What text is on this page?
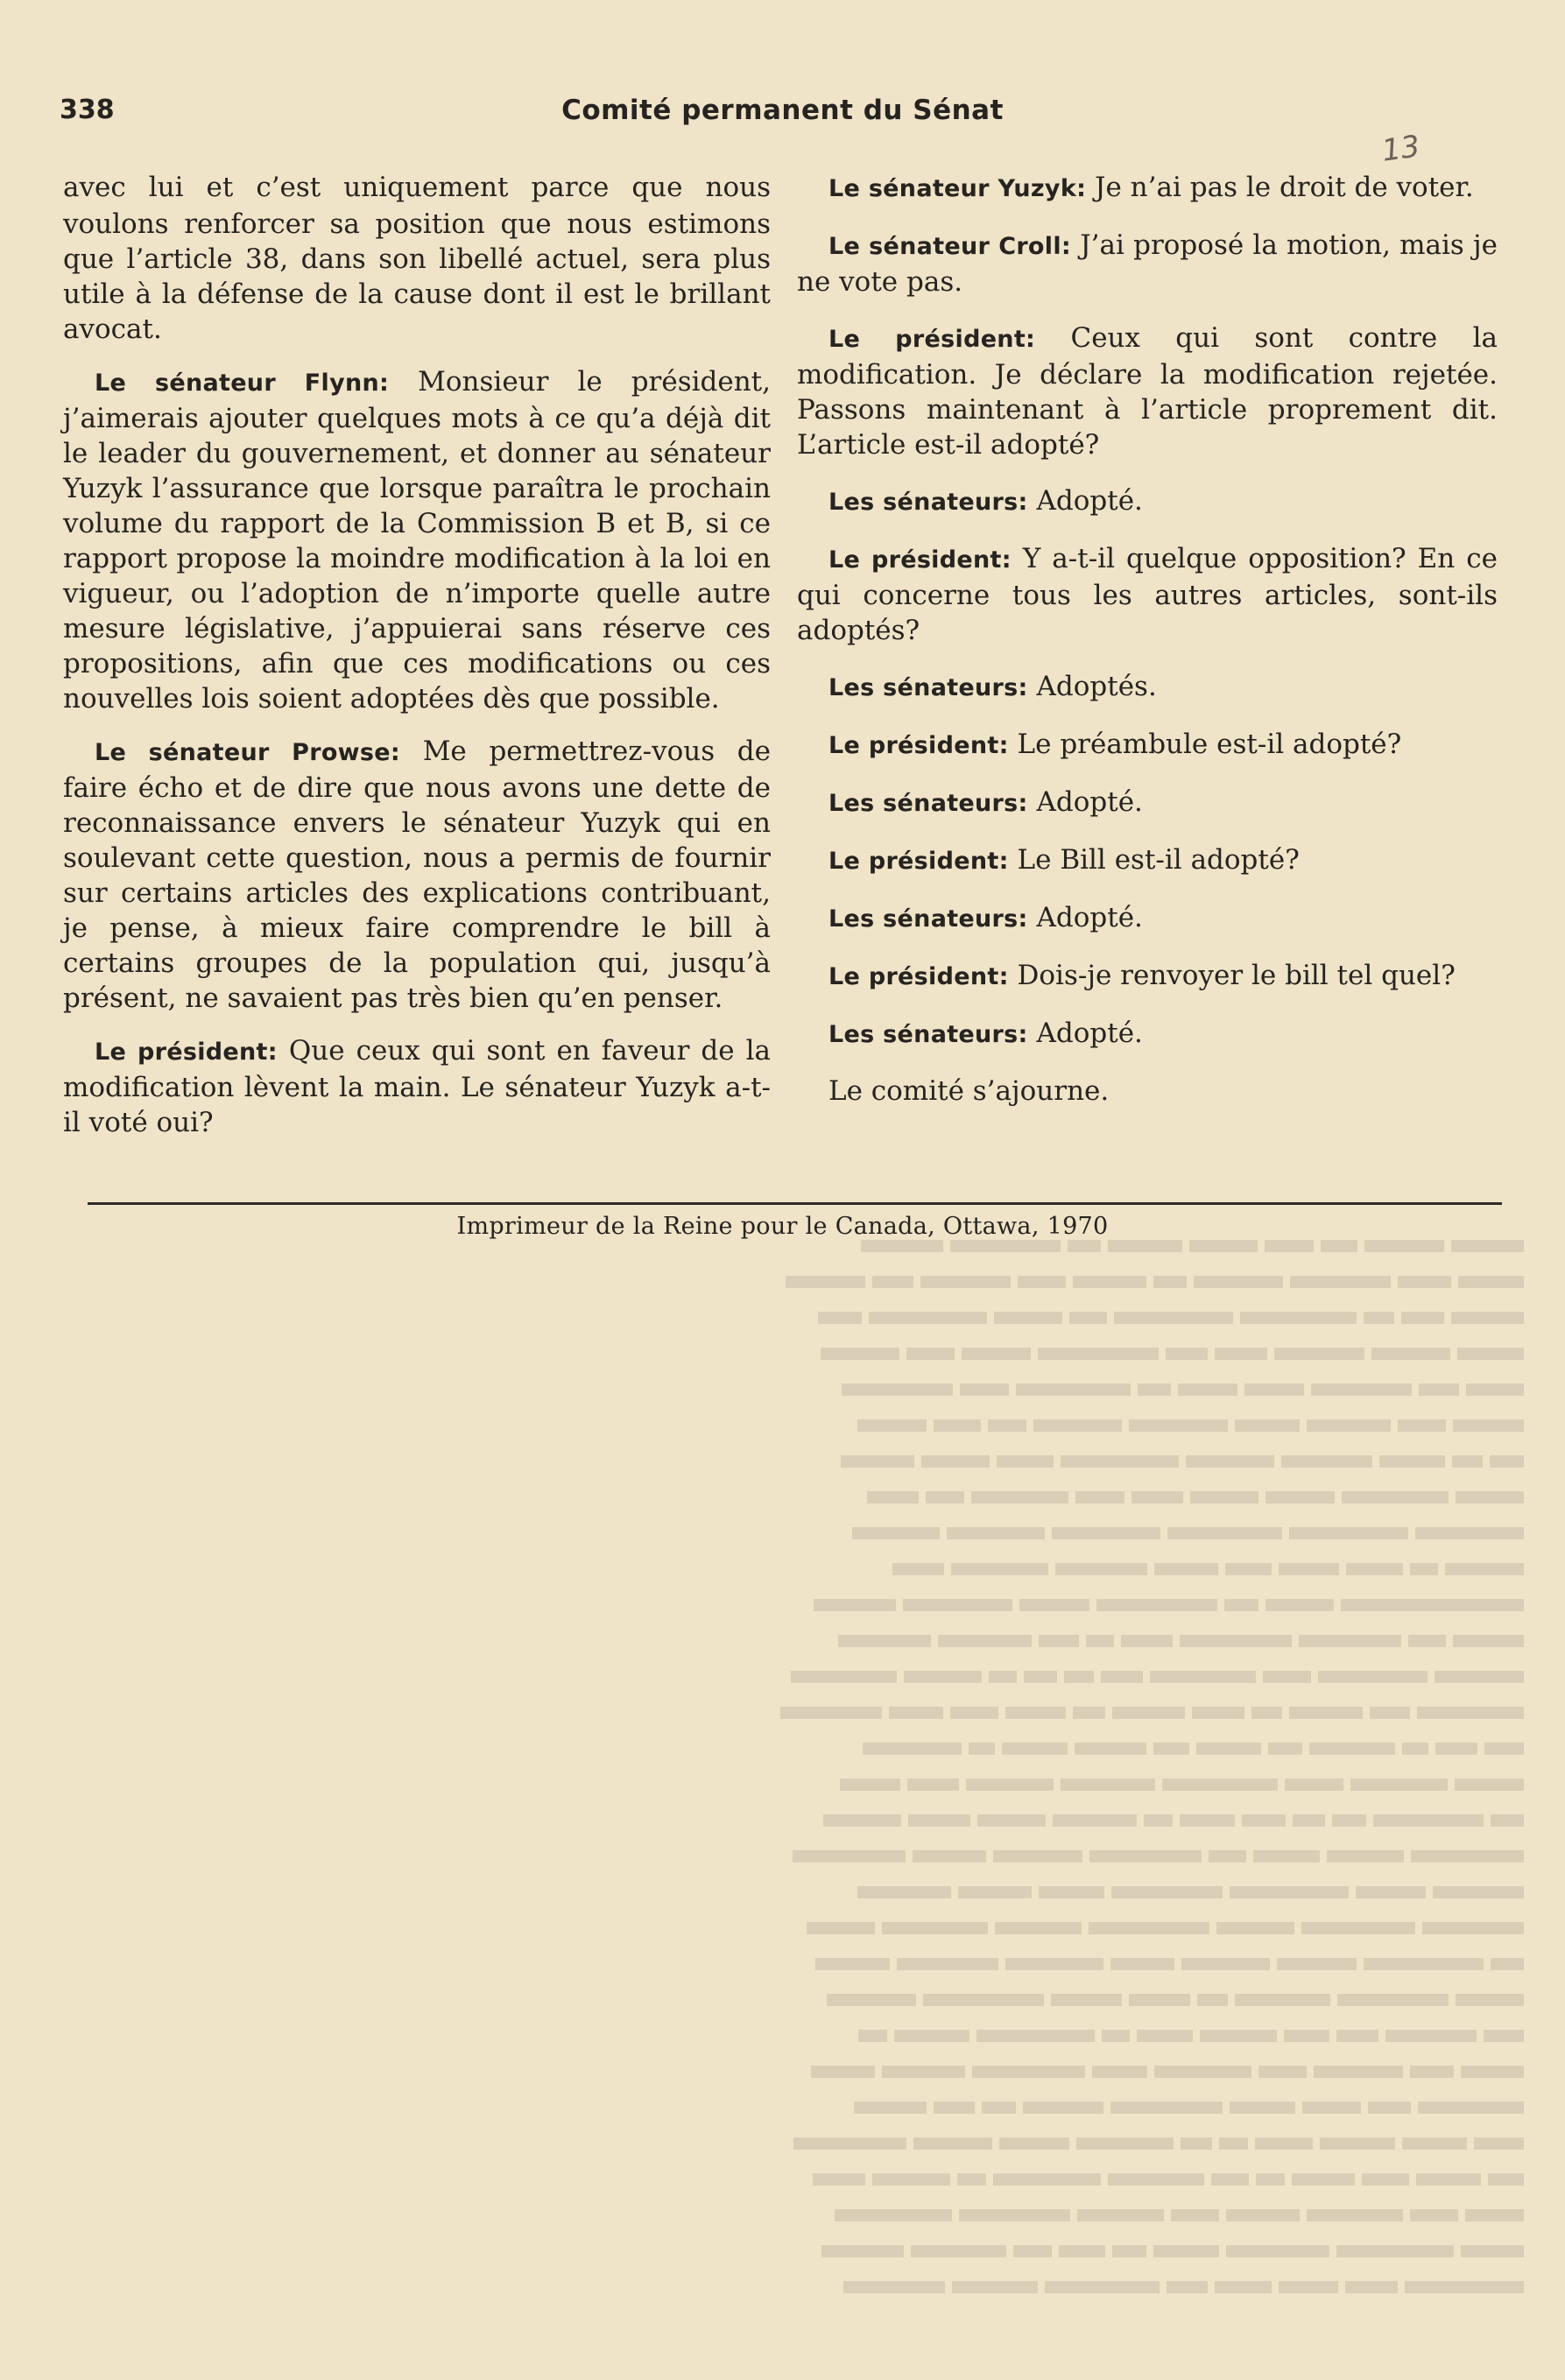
338	Comité permanent du Sénat
13

avec lui et c’est uniquement parce que nous voulons renforcer sa position que nous estimons que l’article 38, dans son libellé actuel, sera plus utile à la défense de la cause dont il est le brillant avocat.

Le sénateur Flynn: Monsieur le président, j’aimerais ajouter quelques mots à ce qu’a déjà dit le leader du gouvernement, et donner au sénateur Yuzyk l’assurance que lorsque paraîtra le prochain volume du rapport de la Commission B et B, si ce rapport propose la moindre modification à la loi en vigueur, ou l’adoption de n’importe quelle autre mesure législative, j’appuierai sans réserve ces propositions, afin que ces modifications ou ces nouvelles lois soient adoptées dès que possible.

Le sénateur Prowse: Me permettrez-vous de faire écho et de dire que nous avons une dette de reconnaissance envers le sénateur Yuzyk qui en soulevant cette question, nous a permis de fournir sur certains articles des explications contribuant, je pense, à mieux faire comprendre le bill à certains groupes de la population qui, jusqu’à présent, ne savaient pas très bien qu’en penser.

Le président: Que ceux qui sont en faveur de la modification lèvent la main. Le sénateur Yuzyk a-t-il voté oui?

Le sénateur Yuzyk: Je n’ai pas le droit de voter.

Le sénateur Croll: J’ai proposé la motion, mais je ne vote pas.

Le président: Ceux qui sont contre la modification. Je déclare la modification rejetée. Passons maintenant à l’article proprement dit. L’article est-il adopté?

Les sénateurs: Adopté.

Le président: Y a-t-il quelque opposition? En ce qui concerne tous les autres articles, sont-ils adoptés?

Les sénateurs: Adoptés.

Le président: Le préambule est-il adopté?

Les sénateurs: Adopté.

Le président: Le Bill est-il adopté?

Les sénateurs: Adopté.

Le président: Dois-je renvoyer le bill tel quel?

Les sénateurs: Adopté.

Le comité s’ajourne.

Imprimeur de la Reine pour le Canada, Ottawa, 1970
